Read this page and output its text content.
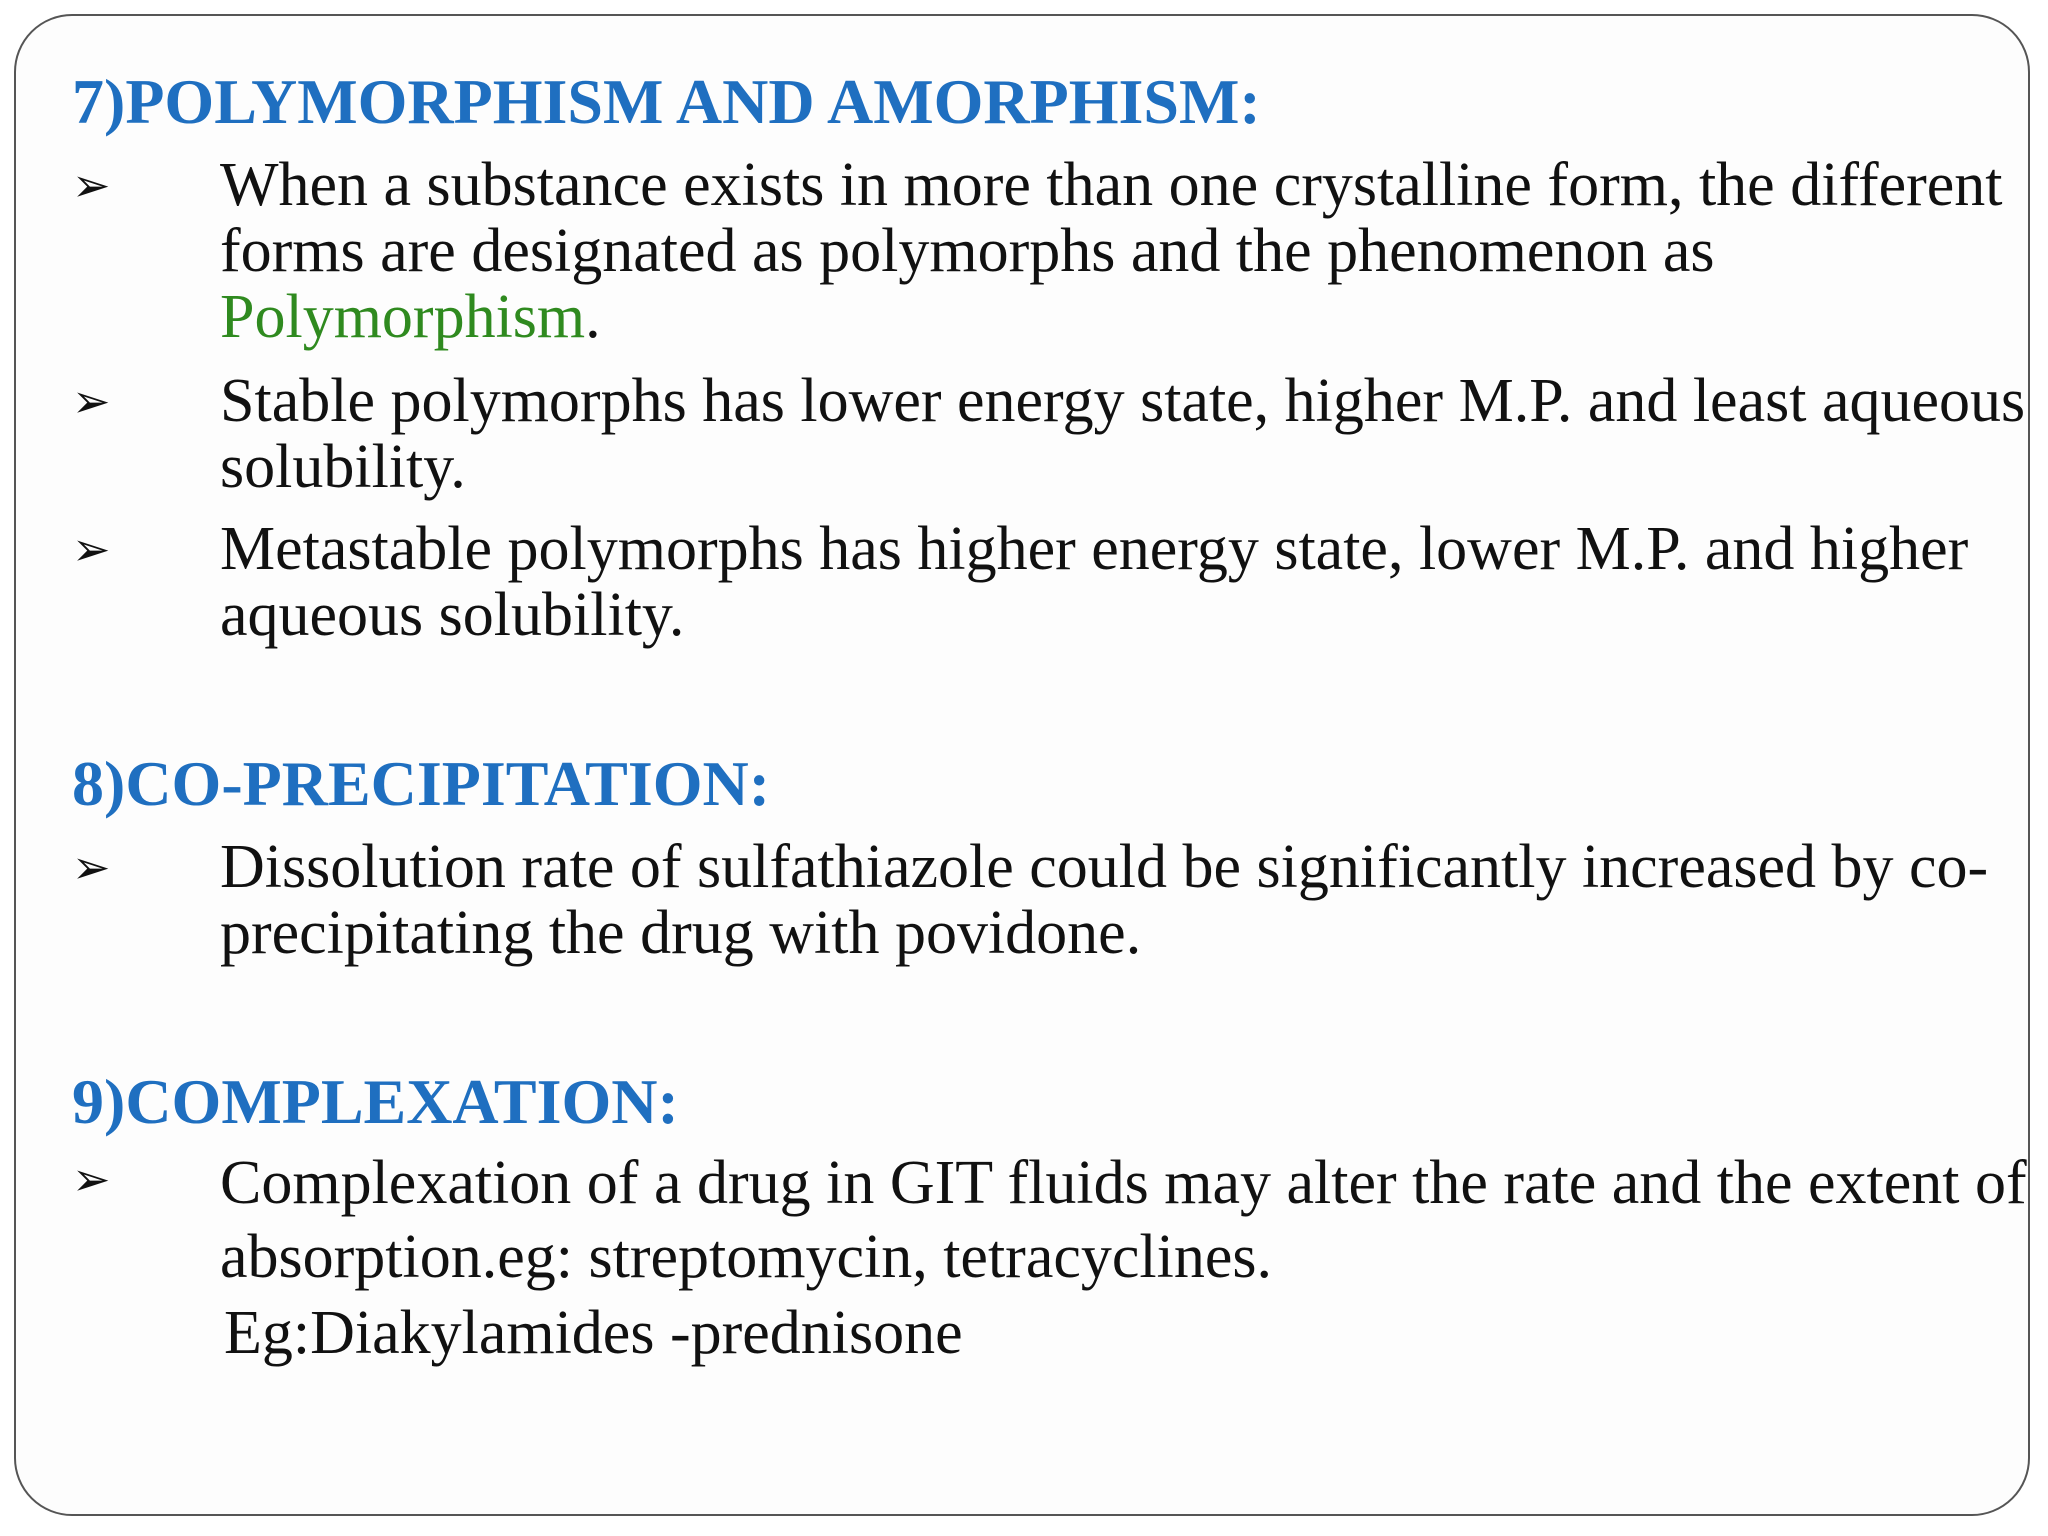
7)POLYMORPHISM AND AMORPHISM:
➢ When a substance exists in more than one crystalline form, the different forms are designated as polymorphs and the phenomenon as Polymorphism.
➢ Stable polymorphs has lower energy state, higher M.P. and least aqueous solubility.
➢ Metastable polymorphs has higher energy state, lower M.P. and higher aqueous solubility.
8)CO-PRECIPITATION:
➢ Dissolution rate of sulfathiazole could be significantly increased by co-precipitating the drug with povidone.
9)COMPLEXATION:
➢ Complexation of a drug in GIT fluids may alter the rate and the extent of absorption.eg: streptomycin, tetracyclines.
Eg:Diakylamides -prednisone
